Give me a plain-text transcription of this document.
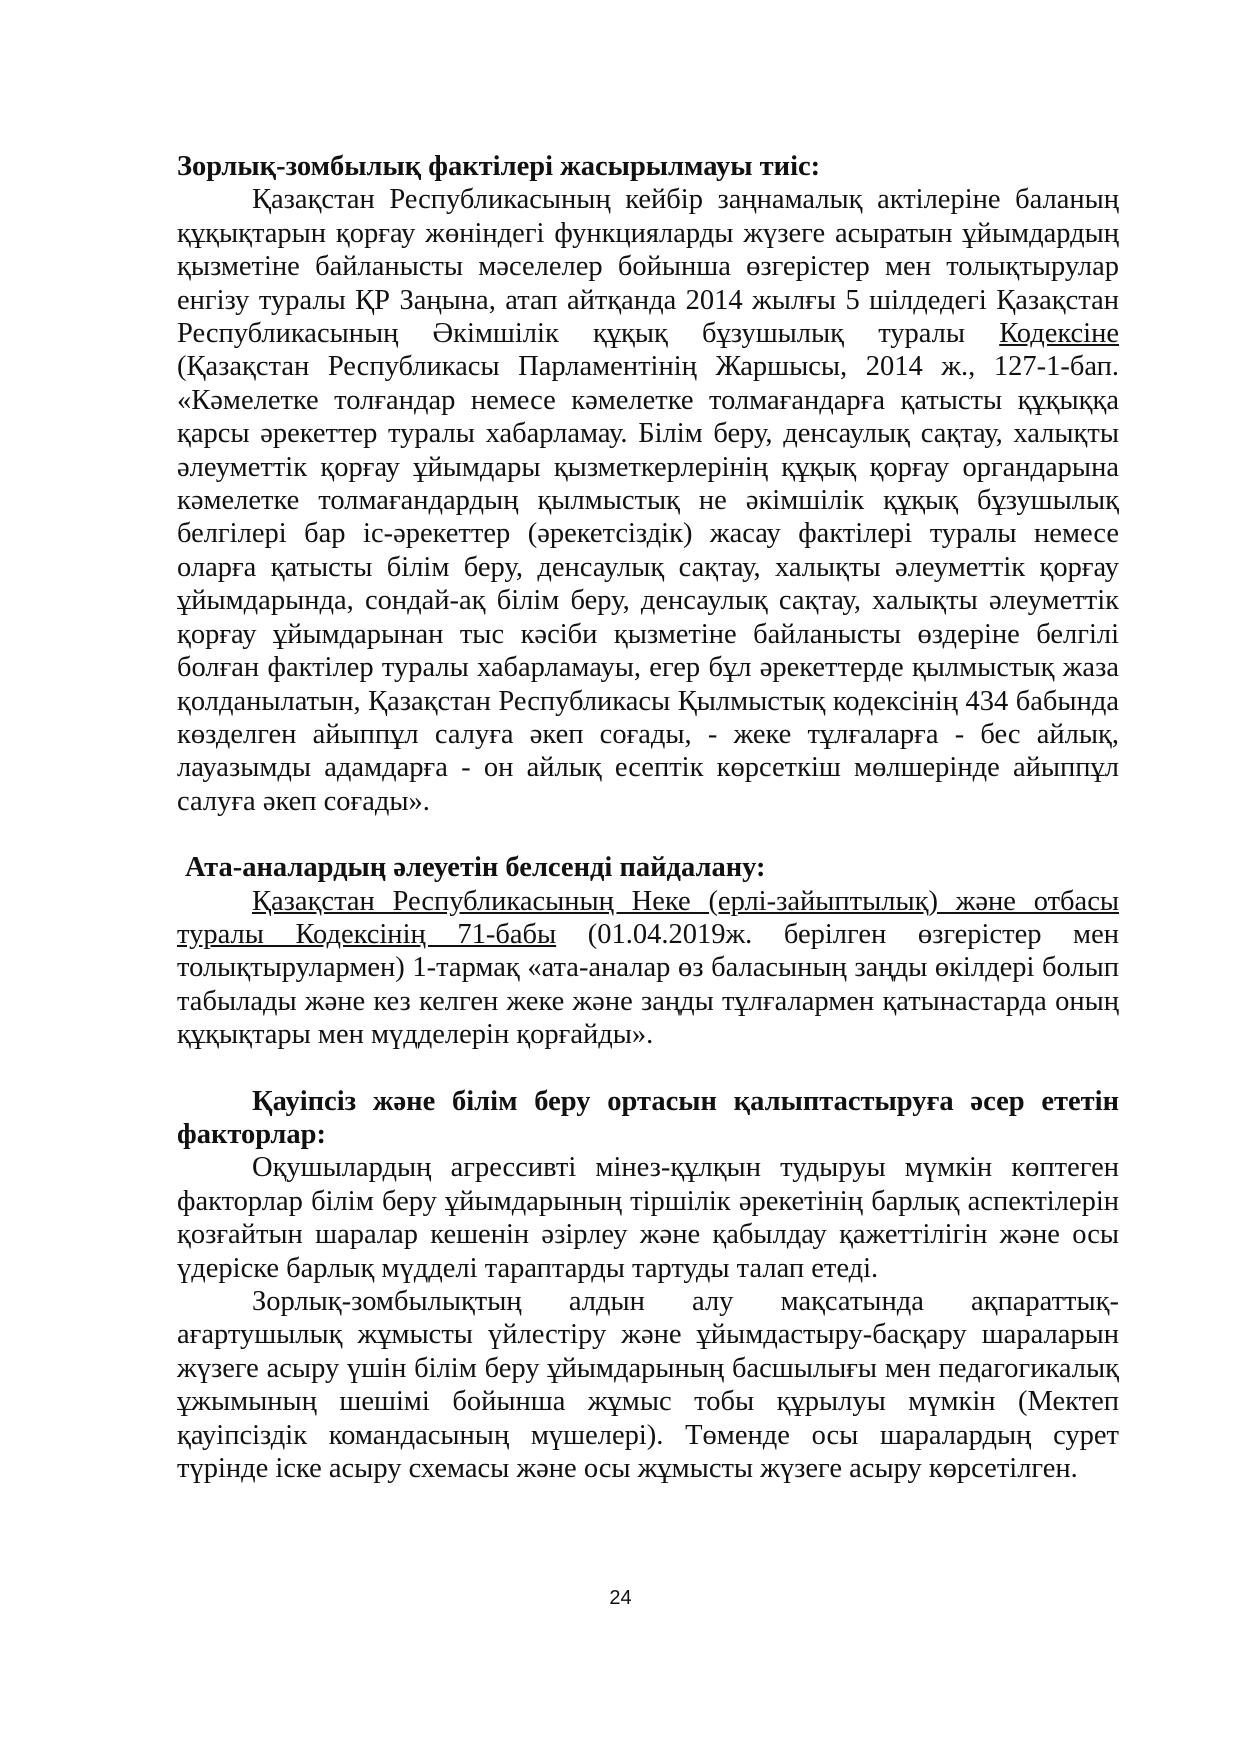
Зорлық-зомбылық фактілері жасырылмауы тиіс:

Қазақстан Республикасының кейбір заңнамалық актілеріне баланың құқықтарын қорғау жөніндегі функцияларды жүзеге асыратын ұйымдардың қызметіне байланысты мәселелер бойынша өзгерістер мен толықтырулар енгізу туралы ҚР Заңына, атап айтқанда 2014 жылғы 5 шілдедегі Қазақстан Республикасының Әкімшілік құқық бұзушылық туралы Кодексіне (Қазақстан Республикасы Парламентінің Жаршысы, 2014 ж., 127-1-бап. «Кәмелетке толғандар немесе кәмелетке толмағандарға қатысты құқыққа қарсы әрекеттер туралы хабарламау. Білім беру, денсаулық сақтау, халықты әлеуметтік қорғау ұйымдары қызметкерлерінің құқық қорғау органдарына кәмелетке толмағандардың қылмыстық не әкімшілік құқық бұзушылық белгілері бар іс-әрекеттер (әрекетсіздік) жасау фактілері туралы немесе оларға қатысты білім беру, денсаулық сақтау, халықты әлеуметтік қорғау ұйымдарында, сондай-ақ білім беру, денсаулық сақтау, халықты әлеуметтік қорғау ұйымдарынан тыс кәсіби қызметіне байланысты өздеріне белгілі болған фактілер туралы хабарламауы, егер бұл әрекеттерде қылмыстық жаза қолданылатын, Қазақстан Республикасы Қылмыстық кодексінің 434 бабында көзделген айыппұл салуға әкеп соғады, - жеке тұлғаларға - бес айлық, лауазымды адамдарға - он айлық есептік көрсеткіш мөлшерінде айыппұл салуға әкеп соғады».

Ата-аналардың әлеуетін белсенді пайдалану:

Қазақстан Республикасының Неке (ерлі-зайыптылық) және отбасы туралы Кодексінің 71-бабы (01.04.2019ж. берілген өзгерістер мен толықтырулармен) 1-тармақ «ата-аналар өз баласының заңды өкілдері болып табылады және кез келген жеке және заңды тұлғалармен қатынастарда оның құқықтары мен мүдделерін қорғайды».

Қауіпсіз және білім беру ортасын қалыптастыруға әсер ететін факторлар:

Оқушылардың агрессивті мінез-құлқын тудыруы мүмкін көптеген факторлар білім беру ұйымдарының тіршілік әрекетінің барлық аспектілерін қозғайтын шаралар кешенін әзірлеу және қабылдау қажеттілігін және осы үдеріске барлық мүдделі тараптарды тартуды талап етеді.

Зорлық-зомбылықтың алдын алу мақсатында ақпараттық-ағартушылық жұмысты үйлестіру және ұйымдастыру-басқару шараларын жүзеге асыру үшін білім беру ұйымдарының басшылығы мен педагогикалық ұжымының шешімі бойынша жұмыс тобы құрылуы мүмкін (Мектеп қауіпсіздік командасының мүшелері). Төменде осы шаралардың сурет түрінде іске асыру схемасы және осы жұмысты жүзеге асыру көрсетілген.

24
